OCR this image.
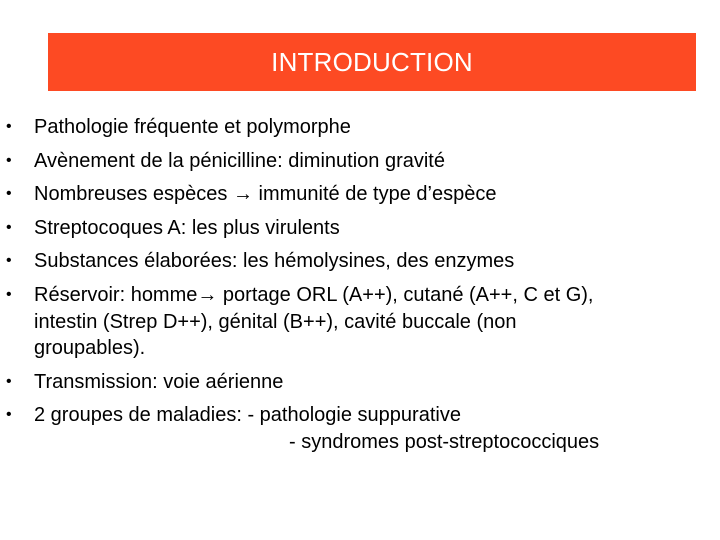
INTRODUCTION
• Pathologie fréquente et polymorphe
• Avènement de la pénicilline: diminution gravité
• Nombreuses espèces → immunité de type d’espèce
• Streptocoques A: les plus virulents
• Substances élaborées: les hémolysines, des enzymes
• Réservoir: homme→ portage ORL (A++), cutané (A++, C et G),
intestin (Strep D++), génital (B++), cavité buccale (non
groupables).
• Transmission: voie aérienne
• 2 groupes de maladies: - pathologie suppurative
- syndromes post-streptococciques
